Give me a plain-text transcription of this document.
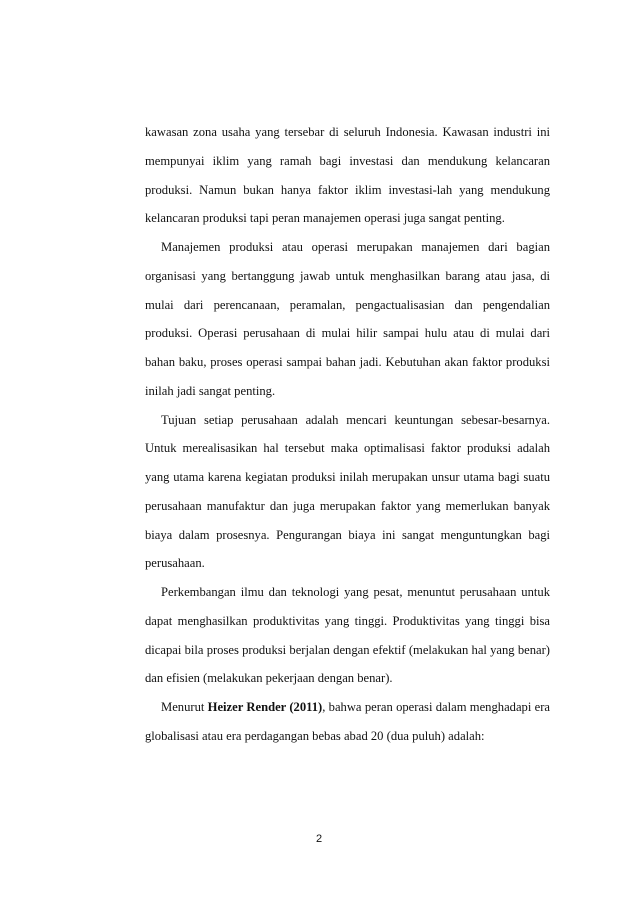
kawasan zona usaha yang tersebar di seluruh Indonesia. Kawasan industri ini mempunyai iklim yang ramah bagi investasi dan mendukung kelancaran produksi. Namun bukan hanya faktor iklim investasi-lah yang mendukung kelancaran produksi tapi peran manajemen operasi juga sangat penting.

Manajemen produksi atau operasi merupakan manajemen dari bagian organisasi yang bertanggung jawab untuk menghasilkan barang atau jasa, di mulai dari perencanaan, peramalan, pengactualisasian dan pengendalian produksi. Operasi perusahaan di mulai hilir sampai hulu atau di mulai dari bahan baku, proses operasi sampai bahan jadi. Kebutuhan akan faktor produksi inilah jadi sangat penting.

Tujuan setiap perusahaan adalah mencari keuntungan sebesar-besarnya. Untuk merealisasikan hal tersebut maka optimalisasi faktor produksi adalah yang utama karena kegiatan produksi inilah merupakan unsur utama bagi suatu perusahaan manufaktur dan juga merupakan faktor yang memerlukan banyak biaya dalam prosesnya. Pengurangan biaya ini sangat menguntungkan bagi perusahaan.

Perkembangan ilmu dan teknologi yang pesat, menuntut perusahaan untuk dapat menghasilkan produktivitas yang tinggi. Produktivitas yang tinggi bisa dicapai bila proses produksi berjalan dengan efektif (melakukan hal yang benar) dan efisien (melakukan pekerjaan dengan benar).

Menurut Heizer Render (2011), bahwa peran operasi dalam menghadapi era globalisasi atau era perdagangan bebas abad 20 (dua puluh) adalah:

2
